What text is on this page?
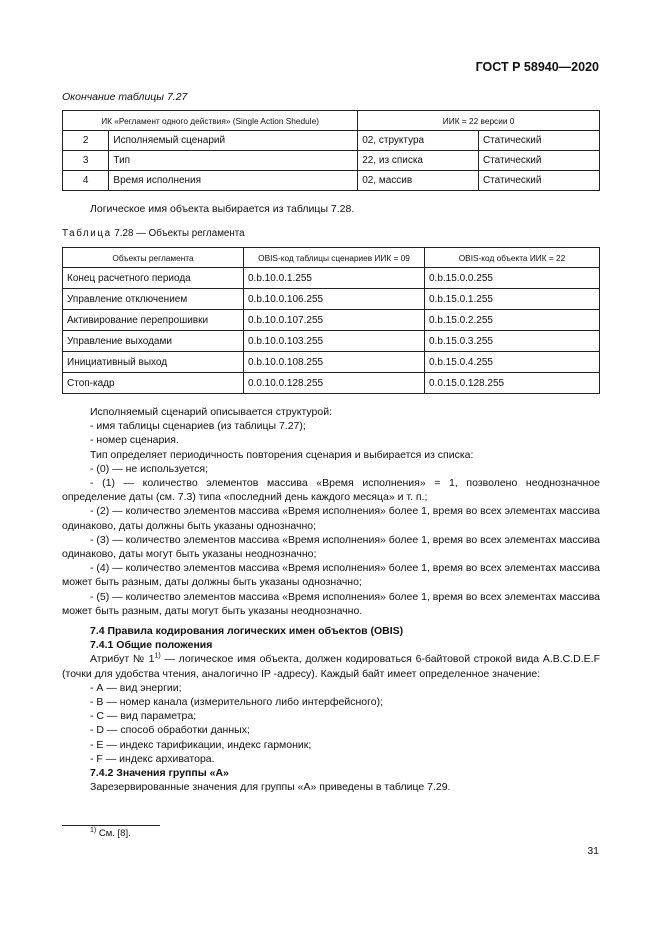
ГОСТ Р 58940—2020
Окончание таблицы 7.27
ИК «Регламент одного действия» (Single Action Shedule)		ИИК = 22 версии 0	
2	Исполняемый сценарий	02, структура	Статический
3	Тип	22, из списка	Статический
4	Время исполнения	02, массив	Статический
Логическое имя объекта выбирается из таблицы 7.28.
Таблица 7.28 — Объекты регламента
Объекты регламента	OBIS-код таблицы сценариев ИИК = 09	OBIS-код объекта ИИК = 22
Конец расчетного периода	0.b.10.0.1.255	0.b.15.0.0.255
Управление отключением	0.b.10.0.106.255	0.b.15.0.1.255
Активирование перепрошивки	0.b.10.0.107.255	0.b.15.0.2.255
Управление выходами	0.b.10.0.103.255	0.b.15.0.3.255
Инициативный выход	0.b.10.0.108.255	0.b.15.0.4.255
Стоп-кадр	0.0.10.0.128.255	0.0.15.0.128.255

Исполняемый сценарий описывается структурой:

- имя таблицы сценариев (из таблицы 7.27);

- номер сценария.

Тип определяет периодичность повторения сценария и выбирается из списка:

- (0) — не используется;

- (1) — количество элементов массива «Время исполнения» = 1, позволено неоднозначное определение даты (см. 7.3) типа «последний день каждого месяца» и т. п.;

- (2) — количество элементов массива «Время исполнения» более 1, время во всех элементах массива одинаково, даты должны быть указаны однозначно;

- (3) — количество элементов массива «Время исполнения» более 1, время во всех элементах массива одинаково, даты могут быть указаны неоднозначно;

- (4) — количество элементов массива «Время исполнения» более 1, время во всех элементах массива может быть разным, даты должны быть указаны однозначно;

- (5) — количество элементов массива «Время исполнения» более 1, время во всех элементах массива может быть разным, даты могут быть указаны неоднозначно.

7.4 Правила кодирования логических имен объектов (OBIS)

7.4.1 Общие положения

Атрибут № 1$^{1)}$ — логическое имя объекта, должен кодироваться 6-байтовой строкой вида A.B.C.D.E.F (точки для удобства чтения, аналогично IP -адресу). Каждый байт имеет определенное значение:

- А — вид энергии;

- В — номер канала (измерительного либо интерфейсного);

- С — вид параметра;

- D — способ обработки данных;

- Е — индекс тарификации, индекс гармоник;

- F — индекс архиватора.

7.4.2 Значения группы «А»

Зарезервированные значения для группы «А» приведены в таблице 7.29.

$^{1)}$ См. [8].
31
